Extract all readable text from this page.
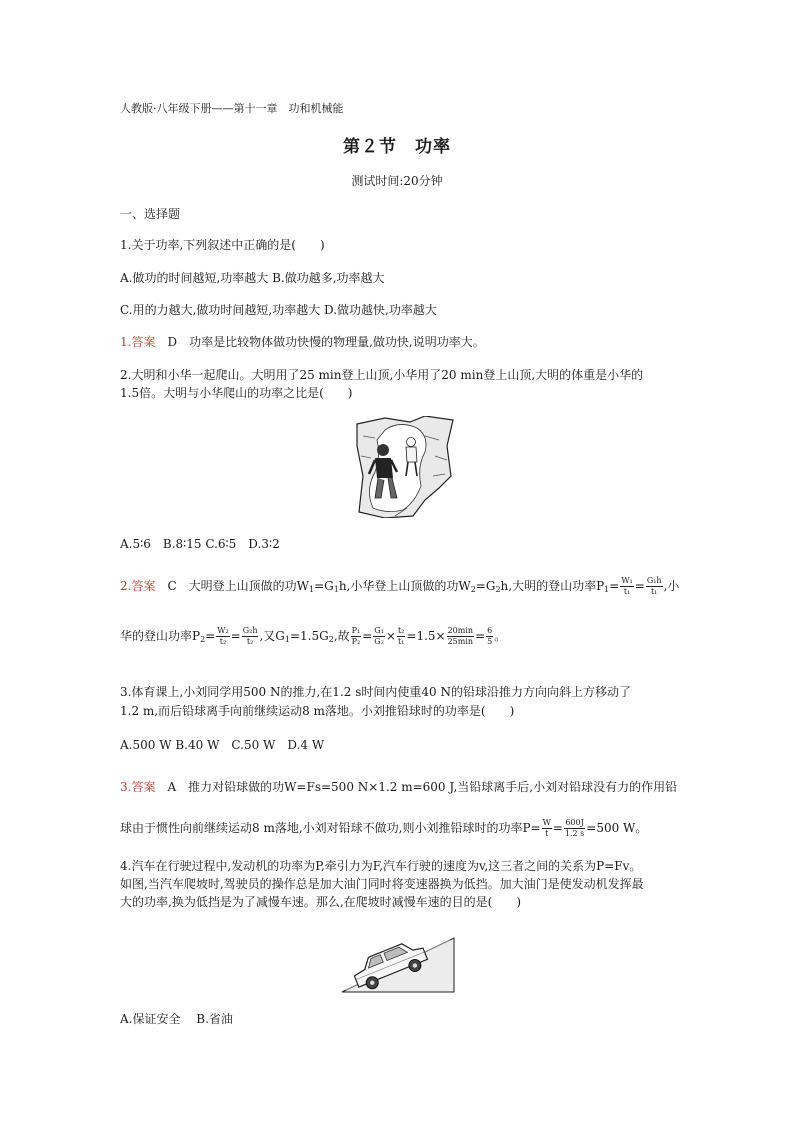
人教版·八年级下册——第十一章　功和机械能
第２节　功率
测试时间:20分钟
一、选择题
1.关于功率,下列叙述中正确的是(　　)
A.做功的时间越短,功率越大 B.做功越多,功率越大
C.用的力越大,做功时间越短,功率越大 D.做功越快,功率越大
1.答案　D　功率是比较物体做功快慢的物理量,做功快,说明功率大。
2.大明和小华一起爬山。大明用了25 min登上山顶,小华用了20 min登上山顶,大明的体重是小华的
1.5倍。大明与小华爬山的功率之比是(　　)
A.5∶6　B.8∶15 C.6∶5　D.3∶2
2.答案　C　大明登上山顶做的功$W_1=G_1h$,小华登上山顶做的功$W_2=G_2h$,大明的登山功率$P_1= \frac{\text{W₁}}{\text{t₁}} = \frac{\text{G₁h}}{\text{t₁}}$ ,小
华的登山功率$P_2= \frac{\text{W₂}}{\text{t₂}} = \frac{\text{G₂h}}{\text{t₂}}$ ,又$G_1=1.5G_2$,故 $\frac{\text{P₁}}{\text{P₂}} = \frac{\text{G₁}}{\text{G₂}} \times \frac{\text{t₂}}{\text{t₁}} =1.5\times \frac{20\min}{25\min} = \frac{6}{5}$ 。
3.体育课上,小刘同学用500 N的推力,在1.2 s时间内使重40 N的铅球沿推力方向向斜上方移动了
1.2 m,而后铅球离手向前继续运动8 m落地。小刘推铅球时的功率是(　　)
A.500 W B.40 W　C.50 W　D.4 W
3.答案　A　推力对铅球做的功W=Fs=500 N×1.2 m=600 J,当铅球离手后,小刘对铅球没有力的作用铅
球由于惯性向前继续运动8 m落地,小刘对铅球不做功,则小刘推铅球时的功率$P= \frac{W}{t} = \frac{600J}{1.2 s} =500$ W。
4.汽车在行驶过程中,发动机的功率为P,牵引力为F,汽车行驶的速度为v,这三者之间的关系为P=Fv。
如图,当汽车爬坡时,驾驶员的操作总是加大油门同时将变速器换为低挡。加大油门是使发动机发挥最
大的功率,换为低挡是为了减慢车速。那么,在爬坡时减慢车速的目的是(　　)
A.保证安全　 B.省油
